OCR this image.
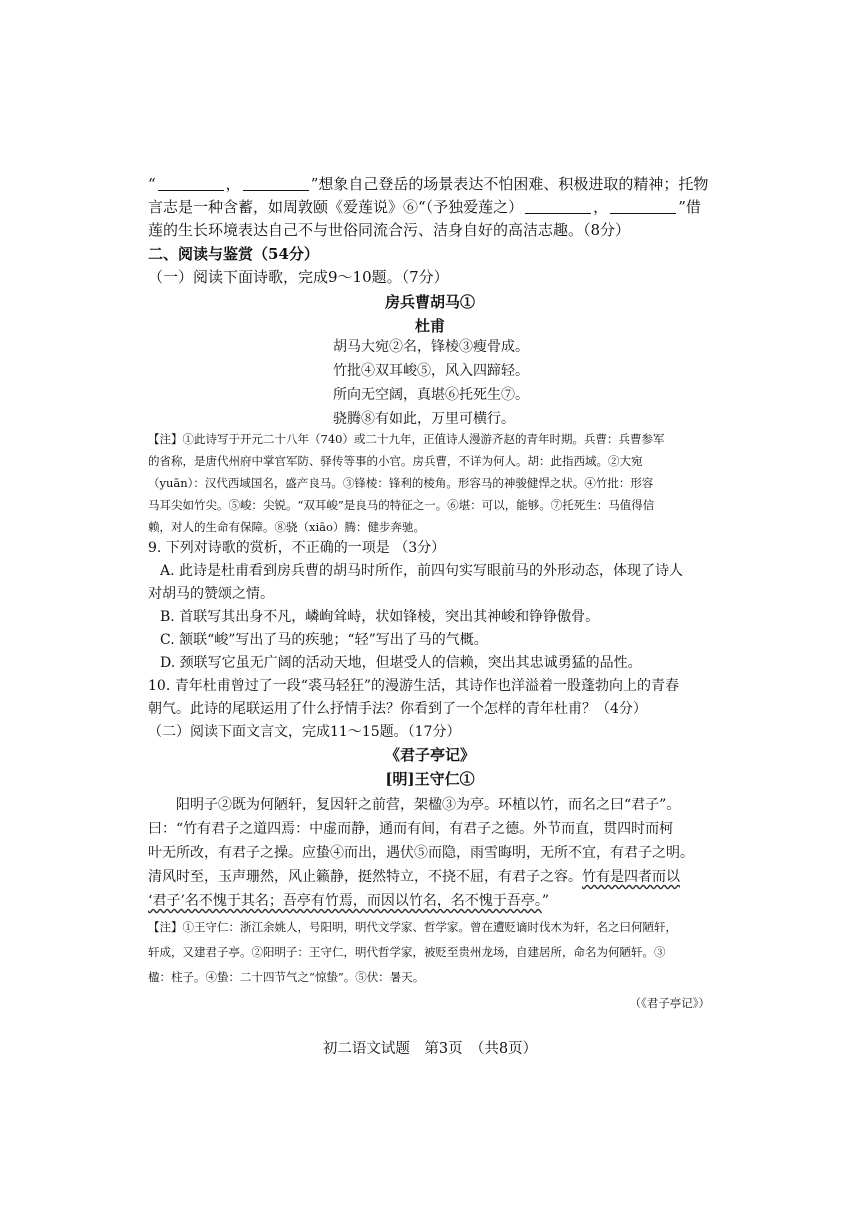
“	，	”想象自己登岳的场景表达不怕困难、积极进取的精神；托物
言志是一种含蓄，如周敦颐《爱莲说》⑥“（予独爱莲之）	，	”借
莲的生长环境表达自己不与世俗同流合污、洁身自好的高洁志趣。（8分）
二、阅读与鉴赏（54分）
（一）阅读下面诗歌，完成9～10题。（7分）
房兵曹胡马①
杜甫
胡马大宛②名，锋棱③瘦骨成。
竹批④双耳峻⑤，风入四蹄轻。
所向无空阔，真堪⑥托死生⑦。
骁腾⑧有如此，万里可横行。
【注】①此诗写于开元二十八年（740）或二十九年，正值诗人漫游齐赵的青年时期。兵曹：兵曹参军
的省称，是唐代州府中掌官军防、驿传等事的小官。房兵曹，不详为何人。胡：此指西域。②大宛
（yuān）：汉代西域国名，盛产良马。③锋棱：锋利的棱角。形容马的神骏健悍之状。④竹批：形容
马耳尖如竹尖。⑤峻：尖锐。“双耳峻”是良马的特征之一。⑥堪：可以，能够。⑦托死生：马值得信
赖，对人的生命有保障。⑧骁（xiāo）腾：健步奔驰。
9. 下列对诗歌的赏析，不正确的一项是 （3分）
A. 此诗是杜甫看到房兵曹的胡马时所作，前四句实写眼前马的外形动态，体现了诗人
对胡马的赞颂之情。
B. 首联写其出身不凡，嶙峋耸峙，状如锋棱，突出其神峻和铮铮傲骨。
C. 颔联“峻”写出了马的疾驰；“轻”写出了马的气概。
D. 颈联写它虽无广阔的活动天地，但堪受人的信赖，突出其忠诚勇猛的品性。
10. 青年杜甫曾过了一段“裘马轻狂”的漫游生活，其诗作也洋溢着一股蓬勃向上的青春
朝气。此诗的尾联运用了什么抒情手法？你看到了一个怎样的青年杜甫？（4分）
（二）阅读下面文言文，完成11～15题。（17分）
《君子亭记》
[明]王守仁①
阳明子②既为何陋轩，复因轩之前营，架楹③为亭。环植以竹，而名之曰“君子”。
曰：“竹有君子之道四焉：中虚而静，通而有间，有君子之德。外节而直，贯四时而柯
叶无所改，有君子之操。应蛰④而出，遇伏⑤而隐，雨雪晦明，无所不宜，有君子之明。
清风时至，玉声珊然，风止籁静，挺然特立，不挠不屈，有君子之容。竹有是四者而以
‘君子’名不愧于其名；吾亭有竹焉，而因以竹名，名不愧于吾亭。”
【注】①王守仁：浙江余姚人，号阳明，明代文学家、哲学家。曾在遭贬谪时伐木为轩，名之曰何陋轩，
轩成，又建君子亭。②阳明子：王守仁，明代哲学家，被贬至贵州龙场，自建居所，命名为何陋轩。③
楹：柱子。④蛰：二十四节气之“惊蛰”。⑤伏：暑天。
（《君子亭记》）
初二语文试题　第3页　（共8页）
